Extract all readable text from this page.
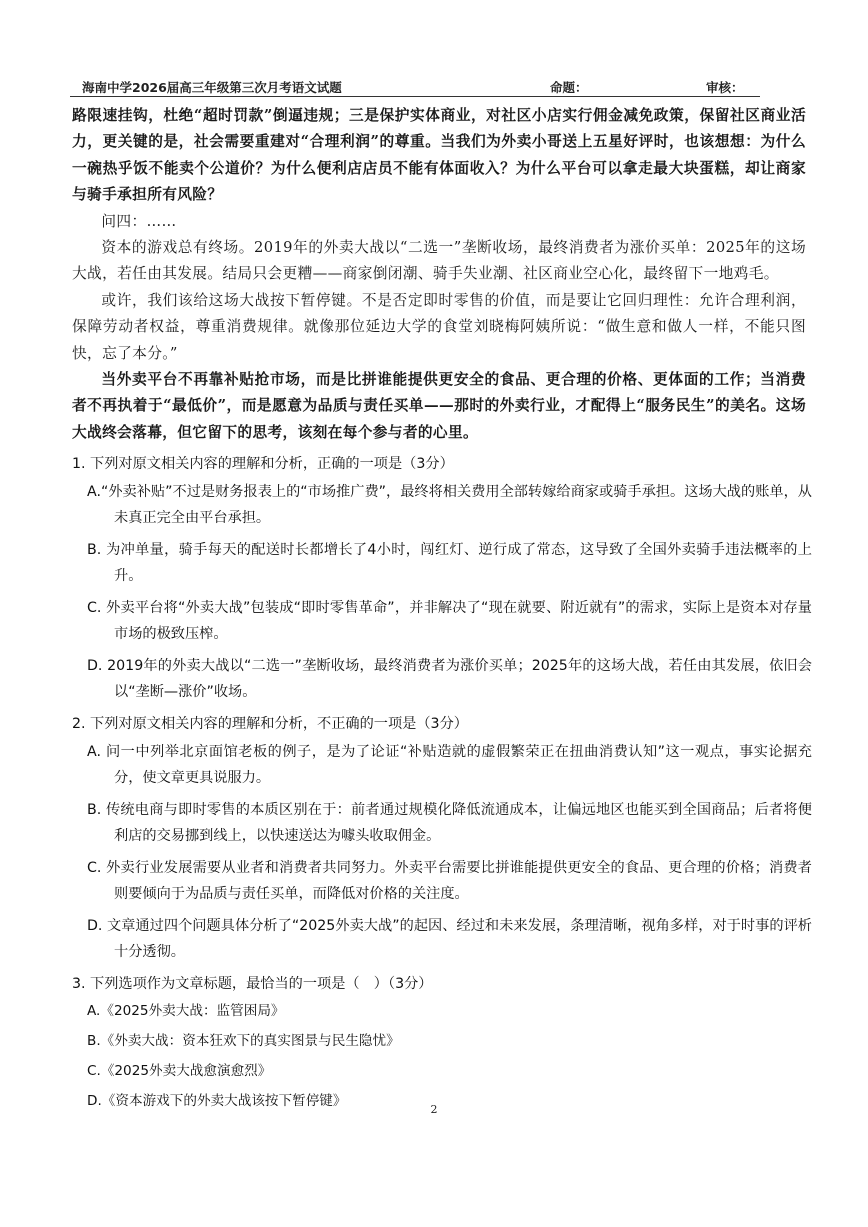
海南中学2026届高三年级第三次月考语文试题	命题：	审核：

路限速挂钩，杜绝“超时罚款”倒逼违规；三是保护实体商业，对社区小店实行佣金减免政策，保留社区商业活力，更关键的是，社会需要重建对“合理利润”的尊重。当我们为外卖小哥送上五星好评时，也该想想：为什么一碗热乎饭不能卖个公道价？为什么便利店店员不能有体面收入？为什么平台可以拿走最大块蛋糕，却让商家与骑手承担所有风险？

问四：……

资本的游戏总有终场。2019年的外卖大战以“二选一”垄断收场，最终消费者为涨价买单：2025年的这场大战，若任由其发展。结局只会更糟——商家倒闭潮、骑手失业潮、社区商业空心化，最终留下一地鸡毛。

或许，我们该给这场大战按下暂停键。不是否定即时零售的价值，而是要让它回归理性：允许合理利润，保障劳动者权益，尊重消费规律。就像那位延边大学的食堂刘晓梅阿姨所说：“做生意和做人一样，不能只图快，忘了本分。”

当外卖平台不再靠补贴抢市场，而是比拼谁能提供更安全的食品、更合理的价格、更体面的工作；当消费者不再执着于“最低价”，而是愿意为品质与责任买单——那时的外卖行业，才配得上“服务民生”的美名。这场大战终会落幕，但它留下的思考，该刻在每个参与者的心里。

1. 下列对原文相关内容的理解和分析，正确的一项是（3分）

A.“外卖补贴”不过是财务报表上的“市场推广费”，最终将相关费用全部转嫁给商家或骑手承担。这场大战的账单，从未真正完全由平台承担。

B. 为冲单量，骑手每天的配送时长都增长了4小时，闯红灯、逆行成了常态，这导致了全国外卖骑手违法概率的上升。

C. 外卖平台将“外卖大战”包装成“即时零售革命”，并非解决了“现在就要、附近就有”的需求，实际上是资本对存量市场的极致压榨。

D. 2019年的外卖大战以“二选一”垄断收场，最终消费者为涨价买单；2025年的这场大战，若任由其发展，依旧会以“垄断—涨价”收场。

2. 下列对原文相关内容的理解和分析，不正确的一项是（3分）

A. 问一中列举北京面馆老板的例子，是为了论证“补贴造就的虚假繁荣正在扭曲消费认知”这一观点，事实论据充分，使文章更具说服力。

B. 传统电商与即时零售的本质区别在于：前者通过规模化降低流通成本，让偏远地区也能买到全国商品；后者将便利店的交易挪到线上，以快速送达为噱头收取佣金。

C. 外卖行业发展需要从业者和消费者共同努力。外卖平台需要比拼谁能提供更安全的食品、更合理的价格；消费者则要倾向于为品质与责任买单，而降低对价格的关注度。

D. 文章通过四个问题具体分析了“2025外卖大战”的起因、经过和未来发展，条理清晰，视角多样，对于时事的评析十分透彻。

3. 下列选项作为文章标题，最恰当的一项是（　）（3分）

A.《2025外卖大战：监管困局》

B.《外卖大战：资本狂欢下的真实图景与民生隐忧》

C.《2025外卖大战愈演愈烈》

D.《资本游戏下的外卖大战该按下暂停键》

2
